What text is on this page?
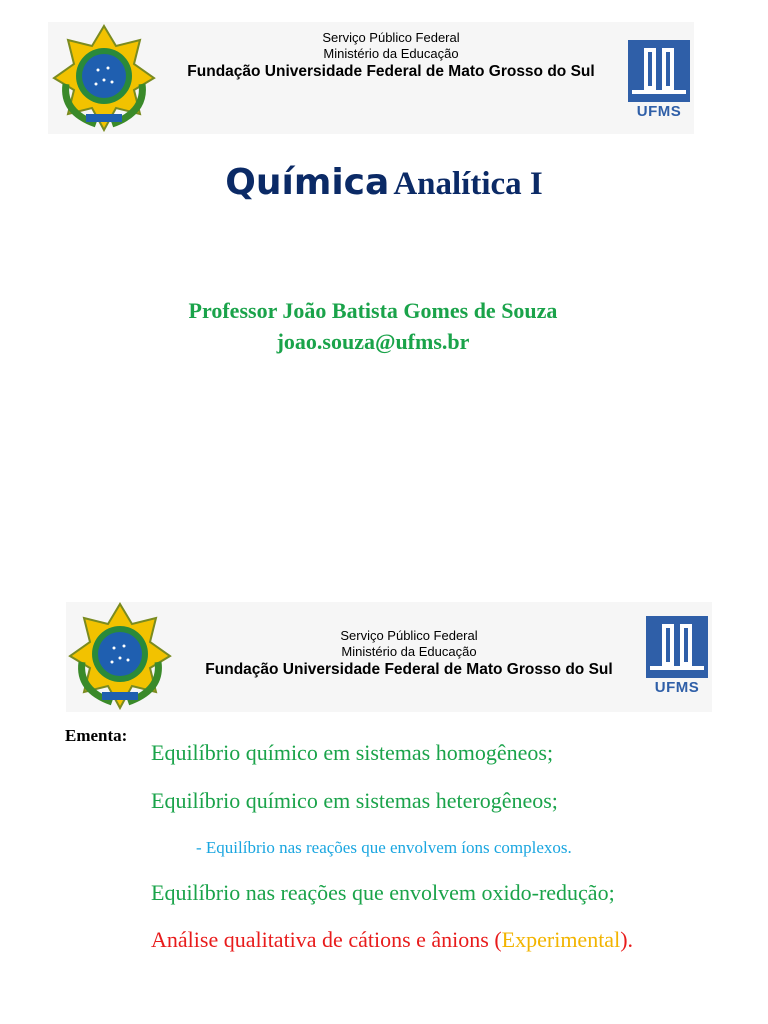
Serviço Público Federal
Ministério da Educação
Fundação Universidade Federal de Mato Grosso do Sul
UFMS
Química Analítica I
Professor João Batista Gomes de Souza
joao.souza@ufms.br
Serviço Público Federal
Ministério da Educação
Fundação Universidade Federal de Mato Grosso do Sul
UFMS
Ementa:
Equilíbrio químico em sistemas homogêneos;
Equilíbrio químico em sistemas heterogêneos;
- Equilíbrio nas reações que envolvem íons complexos.
Equilíbrio nas reações que envolvem oxido-redução;
Análise qualitativa de cátions e ânions (Experimental).
